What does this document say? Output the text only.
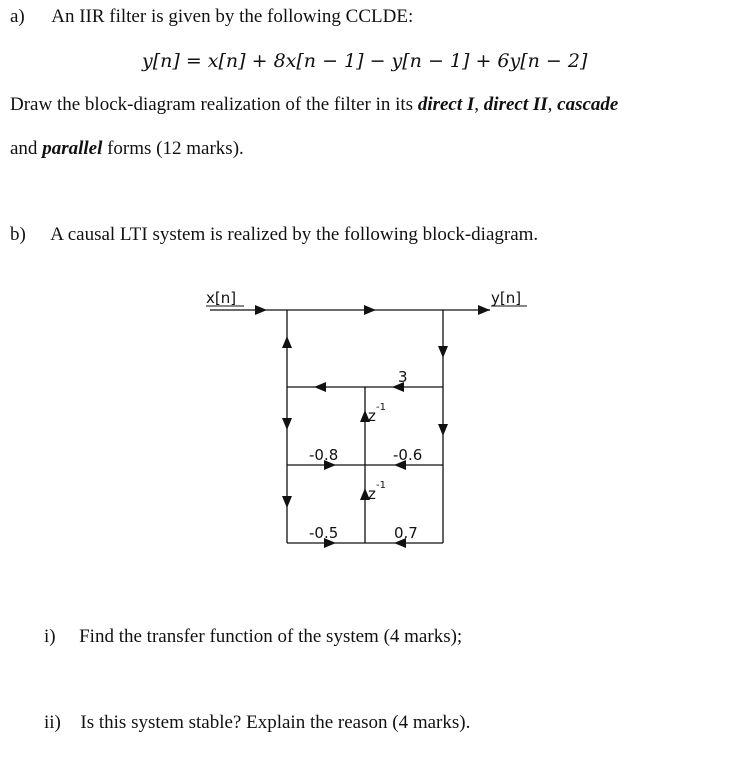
a) An IIR filter is given by the following CCLDE:
y[n] = x[n] + 8x[n − 1] − y[n − 1] + 6y[n − 2]
Draw the block-diagram realization of the filter in its direct I, direct II, cascade
and parallel forms (12 marks).
b) A causal LTI system is realized by the following block-diagram.
x[n]	y[n]
3
z -1
-0.8	-0.6
z -1
-0.5	0.7
i) Find the transfer function of the system (4 marks);
ii) Is this system stable? Explain the reason (4 marks).
